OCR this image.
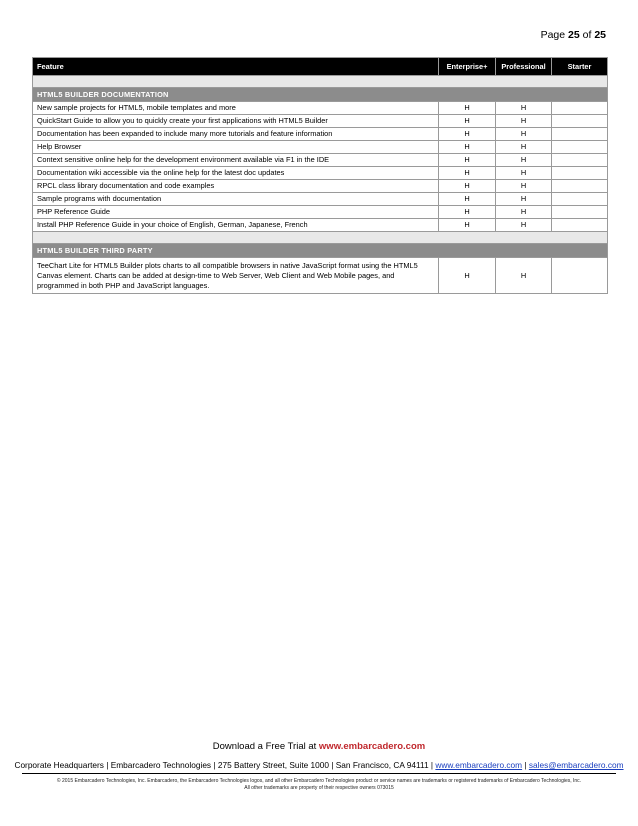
Page 25 of 25
Feature	Enterprise+	Professional	Starter

HTML5 BUILDER DOCUMENTATION			
New sample projects for HTML5, mobile templates and more	H	H	
QuickStart Guide to allow you to quickly create your first applications with HTML5 Builder	H	H	
Documentation has been expanded to include many more tutorials and feature information	H	H	
Help Browser	H	H	
Context sensitive online help for the development environment available via F1 in the IDE	H	H	
Documentation wiki accessible via the online help for the latest doc updates	H	H	
RPCL class library documentation and code examples	H	H	
Sample programs with documentation	H	H	
PHP Reference Guide	H	H	
Install PHP Reference Guide in your choice of English, German, Japanese, French	H	H	

HTML5 BUILDER THIRD PARTY			
TeeChart Lite for HTML5 Builder plots charts to all compatible browsers in native JavaScript format using the HTML5 Canvas element. Charts can be added at design-time to Web Server, Web Client and Web Mobile pages, and programmed in both PHP and JavaScript languages.	H	H	
Download a Free Trial at www.embarcadero.com
Corporate Headquarters | Embarcadero Technologies | 275 Battery Street, Suite 1000 | San Francisco, CA 94111 | www.embarcadero.com | sales@embarcadero.com
© 2015 Embarcadero Technologies, Inc. Embarcadero, the Embarcadero Technologies logos, and all other Embarcadero Technologies product or service names are trademarks or registered trademarks of Embarcadero Technologies, Inc.
All other trademarks are property of their respective owners 073015
